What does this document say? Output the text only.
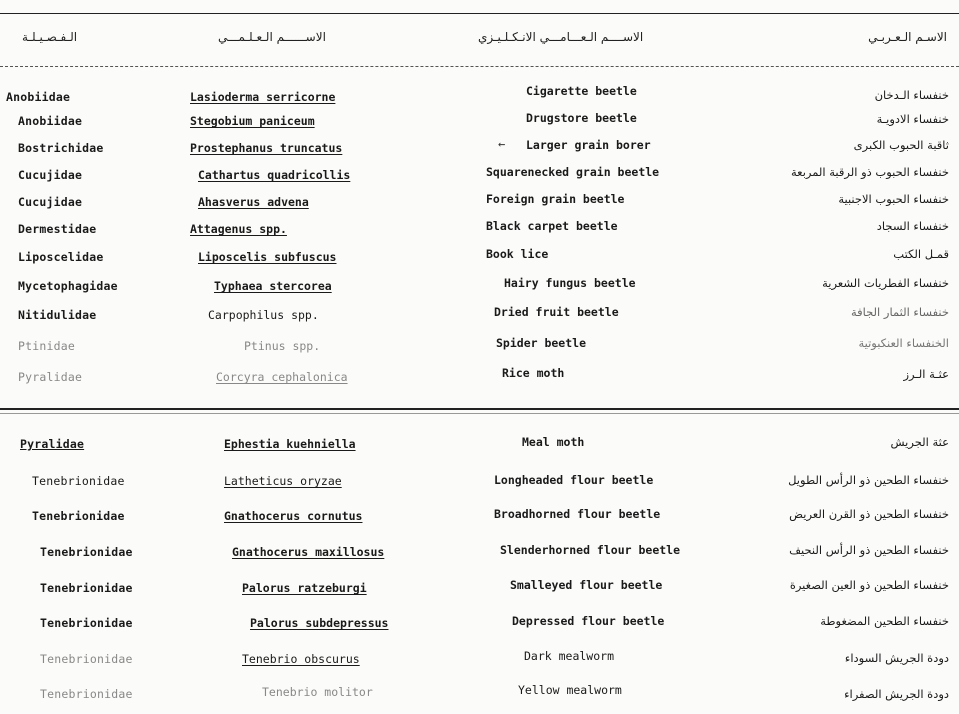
الـفـصـيـلـة	الاســــــم الـعـلـمـــي	الاســــم الـعـــامـــي الانـكـلـيـزي	الاسـم الـعـربـي
Anobiidae	Lasioderma serricorne	Cigarette beetle	خنفساء الـدخان
Anobiidae	Stegobium paniceum	Drugstore beetle	خنفساء الادويـة
Bostrichidae	Prostephanus truncatus	← Larger grain borer	ثاقبة الحبوب الكبرى
Cucujidae	Cathartus quadricollis	Squarenecked grain beetle	خنفساء الحبوب ذو الرقبة المربعة
Cucujidae	Ahasverus advena	Foreign grain beetle	خنفساء الحبوب الاجنبية
Dermestidae	Attagenus spp.	Black carpet beetle	خنفساء السجاد
Liposcelidae	Liposcelis subfuscus	Book lice	قمـل الكتب
Mycetophagidae	Typhaea stercorea	Hairy fungus beetle	خنفساء الفطريات الشعرية
Nitidulidae	Carpophilus spp.	Dried fruit beetle	خنفساء الثمار الجافة
Ptinidae	Ptinus spp.	Spider beetle	الخنفساء العنكبوتية
Pyralidae	Corcyra cephalonica	Rice moth	عثـة الـرز
Pyralidae	Ephestia kuehniella	Meal moth	عثة الجريش
Tenebrionidae	Latheticus oryzae	Longheaded flour beetle	خنفساء الطحين ذو الرأس الطويل
Tenebrionidae	Gnathocerus cornutus	Broadhorned flour beetle	خنفساء الطحين ذو القرن العريض
Tenebrionidae	Gnathocerus maxillosus	Slenderhorned flour beetle	خنفساء الطحين ذو الرأس النحيف
Tenebrionidae	Palorus ratzeburgi	Smalleyed flour beetle	خنفساء الطحين ذو العين الصغيرة
Tenebrionidae	Palorus subdepressus	Depressed flour beetle	خنفساء الطحين المضغوطة
Tenebrionidae	Tenebrio obscurus	Dark mealworm	دودة الجريش السوداء
Tenebrionidae	Tenebrio molitor	Yellow mealworm	دودة الجريش الصفراء
